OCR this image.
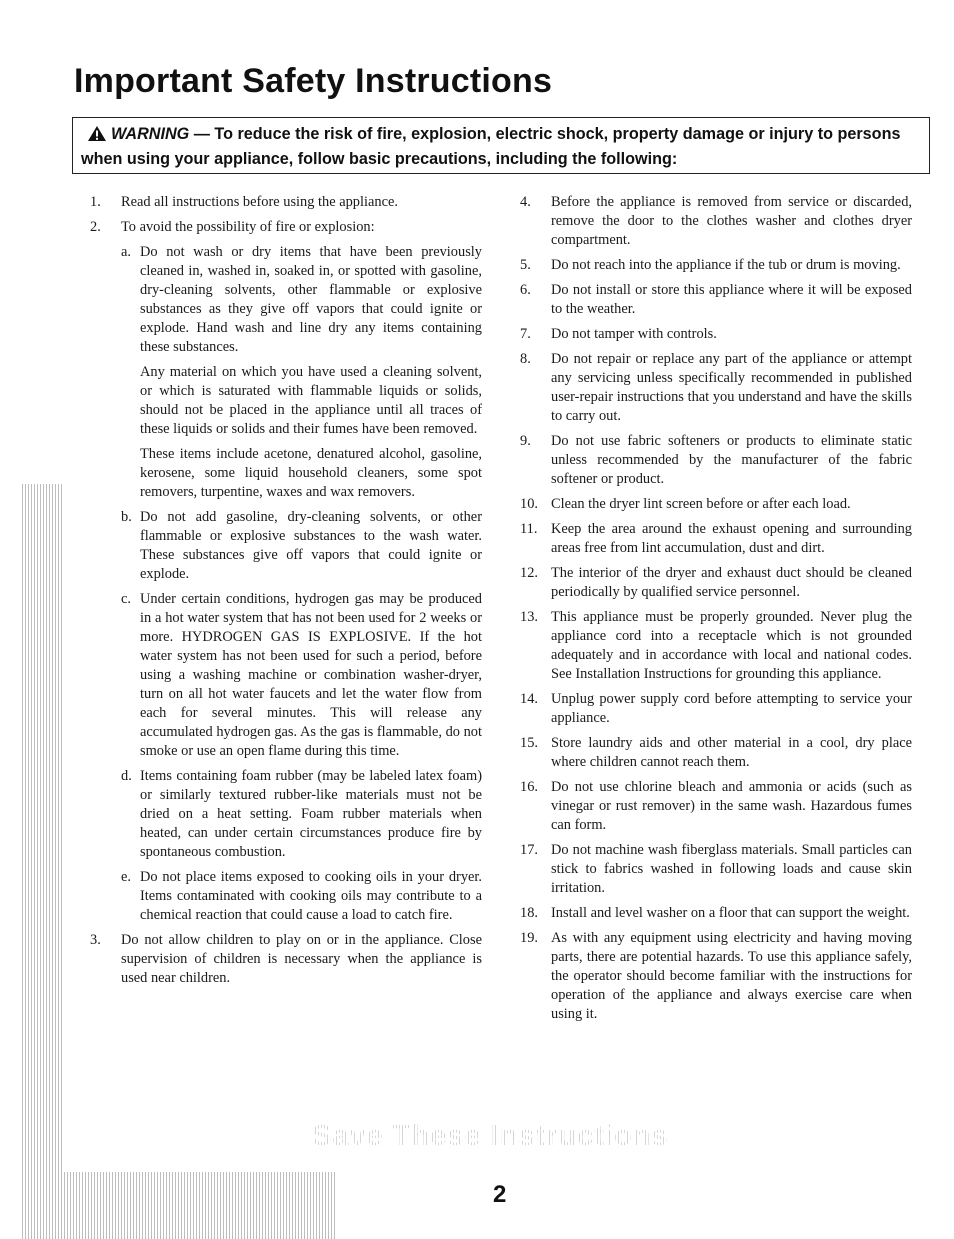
Important Safety Instructions
WARNING — To reduce the risk of fire, explosion, electric shock, property damage or injury to persons when using your appliance, follow basic precautions, including the following:
1. Read all instructions before using the appliance.
2. To avoid the possibility of fire or explosion:
a. Do not wash or dry items that have been previously cleaned in, washed in, soaked in, or spotted with gasoline, dry-cleaning solvents, other flammable or explosive substances as they give off vapors that could ignite or explode. Hand wash and line dry any items containing these substances.
Any material on which you have used a cleaning solvent, or which is saturated with flammable liquids or solids, should not be placed in the appliance until all traces of these liquids or solids and their fumes have been removed.
These items include acetone, denatured alcohol, gasoline, kerosene, some liquid household cleaners, some spot removers, turpentine, waxes and wax removers.
b. Do not add gasoline, dry-cleaning solvents, or other flammable or explosive substances to the wash water. These substances give off vapors that could ignite or explode.
c. Under certain conditions, hydrogen gas may be produced in a hot water system that has not been used for 2 weeks or more. HYDROGEN GAS IS EXPLOSIVE. If the hot water system has not been used for such a period, before using a washing machine or combination washer-dryer, turn on all hot water faucets and let the water flow from each for several minutes. This will release any accumulated hydrogen gas. As the gas is flammable, do not smoke or use an open flame during this time.
d. Items containing foam rubber (may be labeled latex foam) or similarly textured rubber-like materials must not be dried on a heat setting. Foam rubber materials when heated, can under certain circumstances produce fire by spontaneous combustion.
e. Do not place items exposed to cooking oils in your dryer. Items contaminated with cooking oils may contribute to a chemical reaction that could cause a load to catch fire.
3. Do not allow children to play on or in the appliance. Close supervision of children is necessary when the appliance is used near children.
4. Before the appliance is removed from service or discarded, remove the door to the clothes washer and clothes dryer compartment.
5. Do not reach into the appliance if the tub or drum is moving.
6. Do not install or store this appliance where it will be exposed to the weather.
7. Do not tamper with controls.
8. Do not repair or replace any part of the appliance or attempt any servicing unless specifically recommended in published user-repair instructions that you understand and have the skills to carry out.
9. Do not use fabric softeners or products to eliminate static unless recommended by the manufacturer of the fabric softener or product.
10. Clean the dryer lint screen before or after each load.
11. Keep the area around the exhaust opening and surrounding areas free from lint accumulation, dust and dirt.
12. The interior of the dryer and exhaust duct should be cleaned periodically by qualified service personnel.
13. This appliance must be properly grounded. Never plug the appliance cord into a receptacle which is not grounded adequately and in accordance with local and national codes. See Installation Instructions for grounding this appliance.
14. Unplug power supply cord before attempting to service your appliance.
15. Store laundry aids and other material in a cool, dry place where children cannot reach them.
16. Do not use chlorine bleach and ammonia or acids (such as vinegar or rust remover) in the same wash. Hazardous fumes can form.
17. Do not machine wash fiberglass materials. Small particles can stick to fabrics washed in following loads and cause skin irritation.
18. Install and level washer on a floor that can support the weight.
19. As with any equipment using electricity and having moving parts, there are potential hazards. To use this appliance safely, the operator should become familiar with the instructions for operation of the appliance and always exercise care when using it.
Save These Instructions
2
